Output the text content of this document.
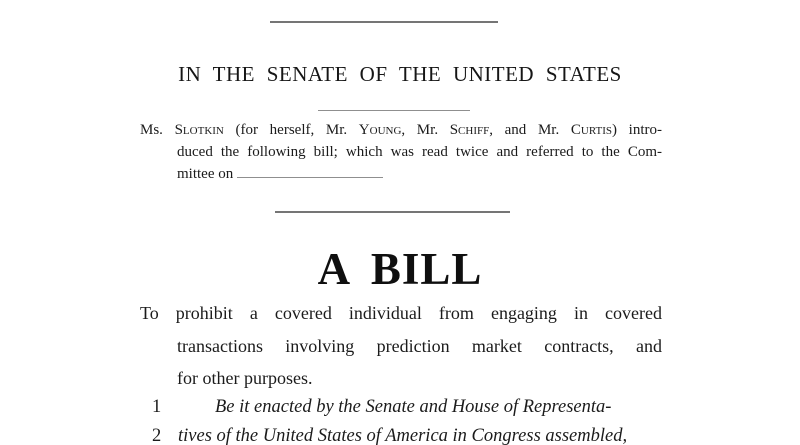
IN THE SENATE OF THE UNITED STATES
Ms. Slotkin (for herself, Mr. Young, Mr. Schiff, and Mr. Curtis) intro-
duced the following bill; which was read twice and referred to the Com-
mittee on
A BILL
To prohibit a covered individual from engaging in covered
transactions involving prediction market contracts, and
for other purposes.
1	Be it enacted by the Senate and House of Representa-
2 tives of the United States of America in Congress assembled,
